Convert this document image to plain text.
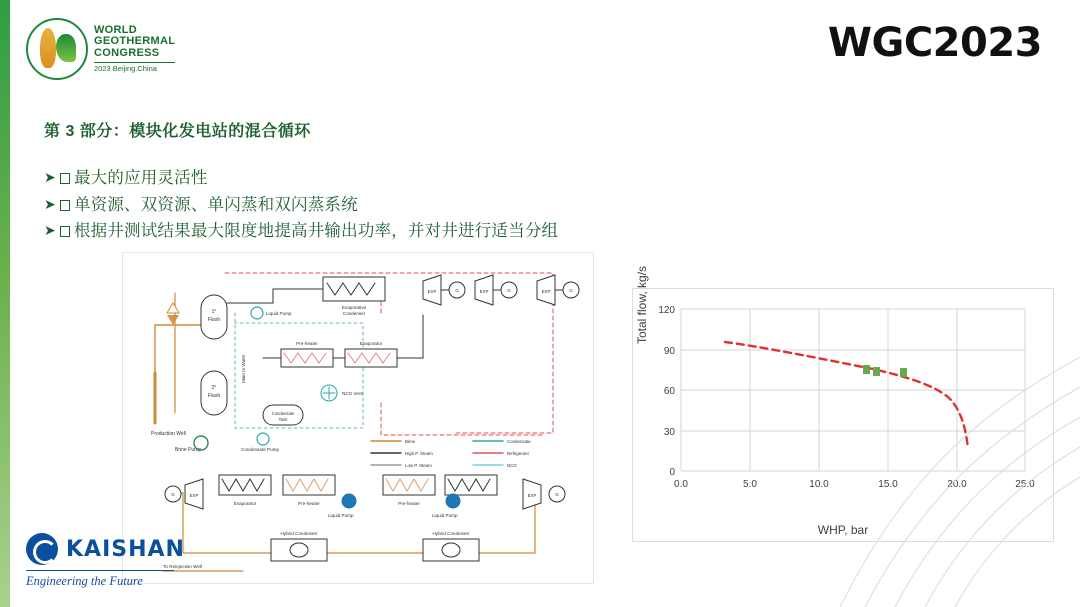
WORLD
GEOTHERMAL
CONGRESS
2023 Beijing.China
WGC2023
第 3 部分：模块化发电站的混合循环
➤ 最大的应用灵活性
➤ 单资源、双资源、单闪蒸和双闪蒸系统
➤ 根据井测试结果最大限度地提高井输出功率，并对井进行适当分组
1°
Flash
2°
Flash
Production Well
Brine Pump
Evaporative
Condenser
Pre-heater	Evaporator
Liquid Pump
Main to Water
EXP	G	EXP	G	EXP	G
NCG Vent
Condensate
Tank
Condensate Pump
Brine
High P. Steam
Low P. Steam
Condensate
Refrigerant
NCG
Evaporator	Pre-heater	Pre-heater
EXP
G	EXP	G
Liquid Pump	Liquid Pump
Hybrid Condenser	Hybrid Condenser
To Reinjection Well
Total flow, kg/s
WHP, bar
0
30
60
90
120
0.0	5.0	10.0	15.0	20.0	25.0
KAISHAN
Engineering the Future
